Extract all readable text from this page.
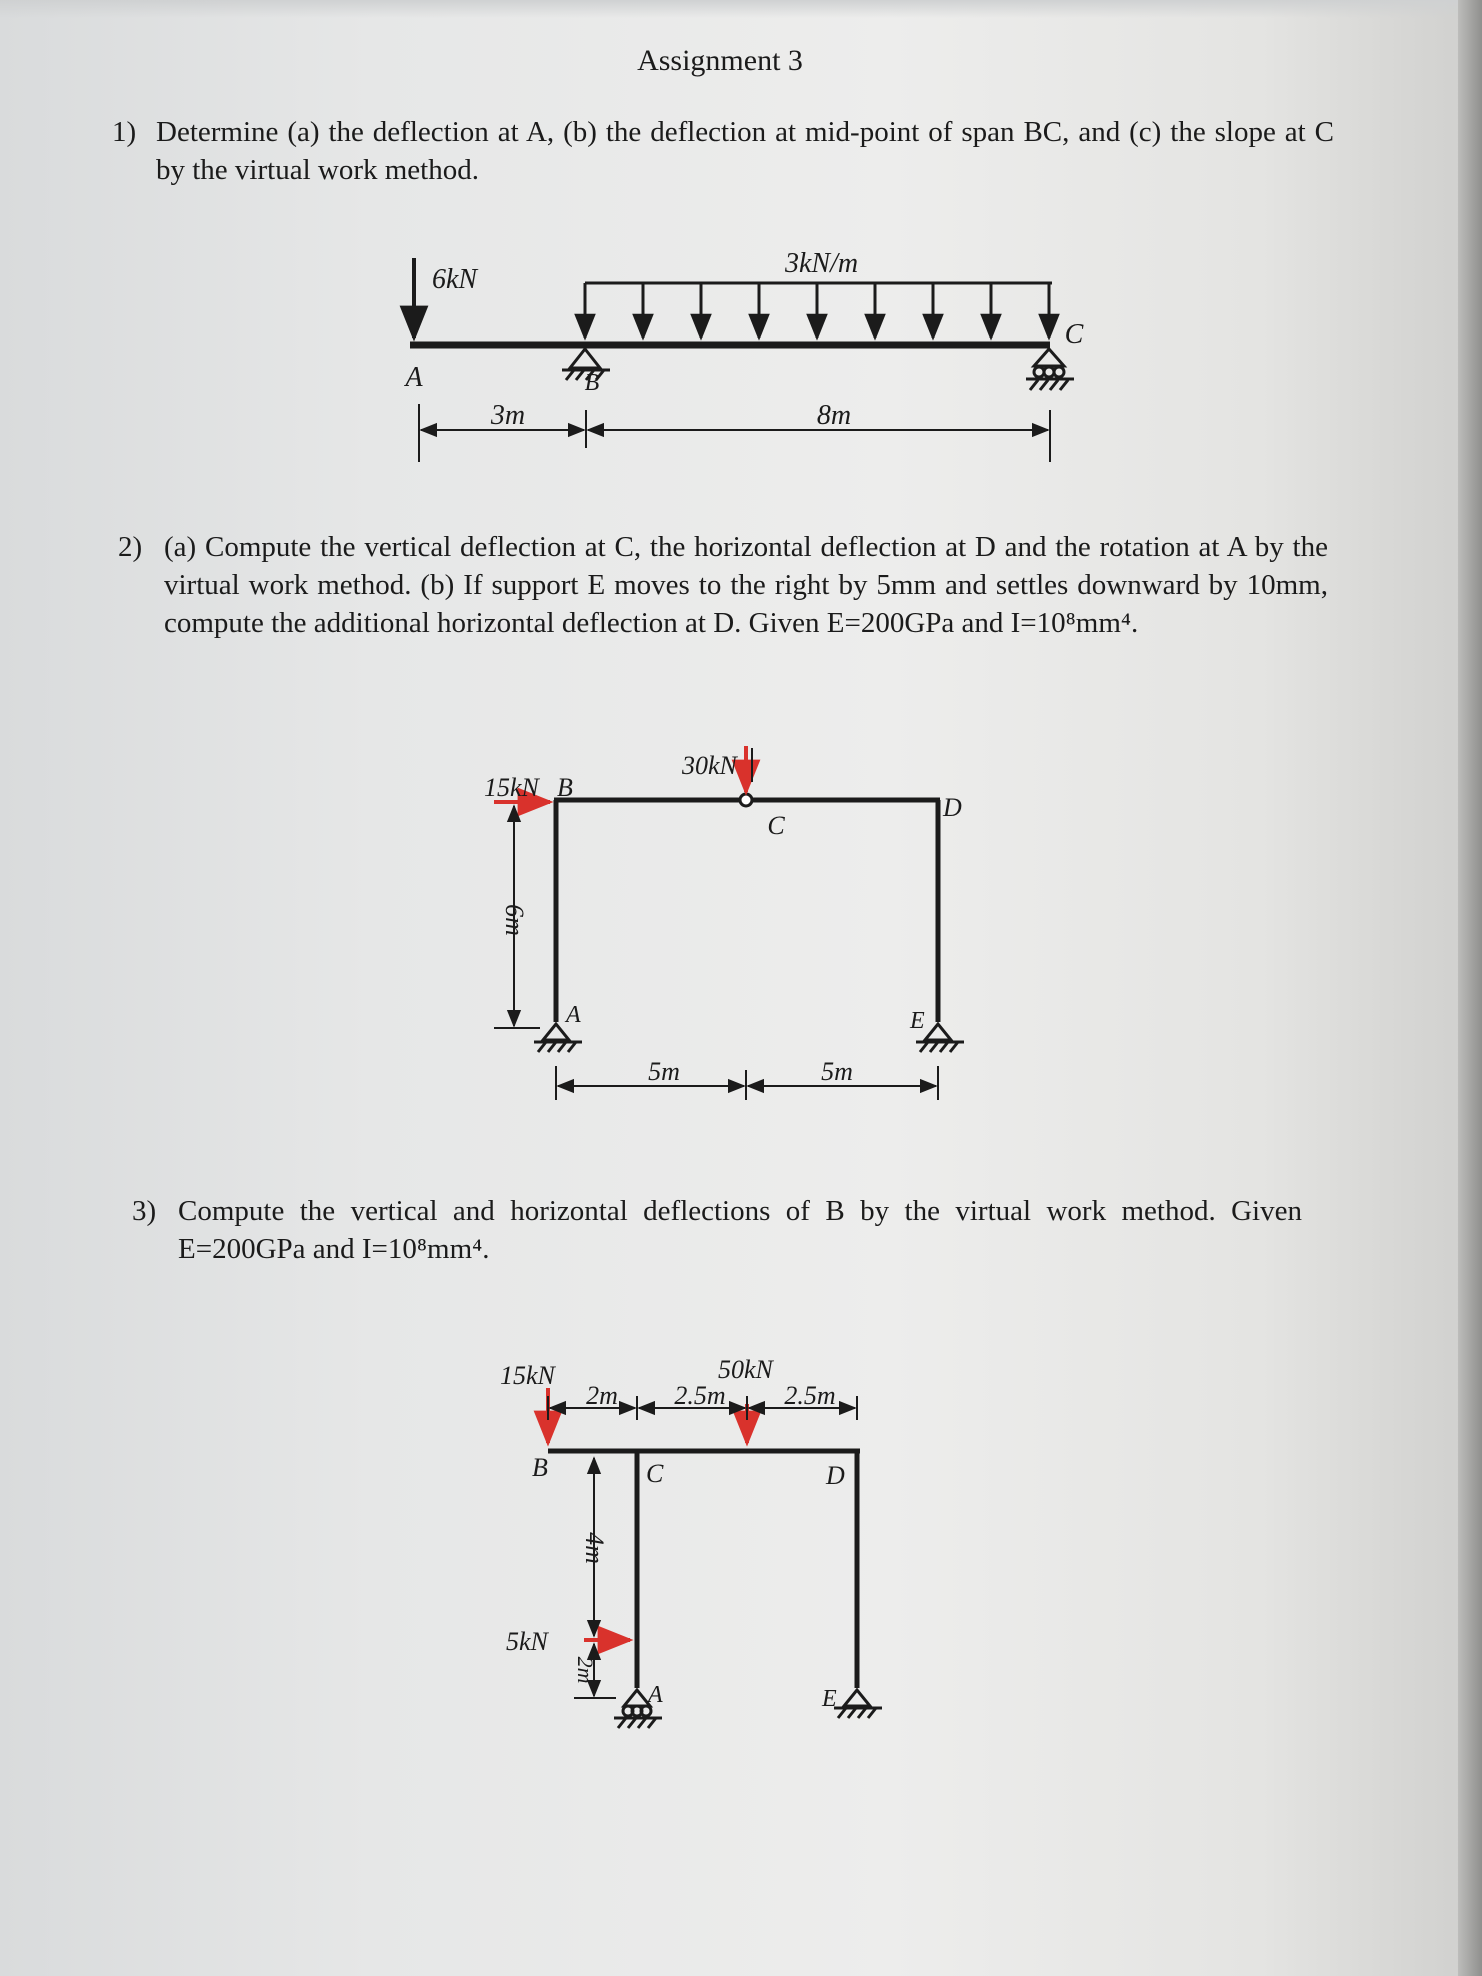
Assignment 3
1) Determine (a) the deflection at A, (b) the deflection at mid-point of span BC, and (c) the slope at C by the virtual work method.
2) (a) Compute the vertical deflection at C, the horizontal deflection at D and the rotation at A by the virtual work method. (b) If support E moves to the right by 5mm and settles downward by 10mm, compute the additional horizontal deflection at D. Given E=200GPa and I=10⁸mm⁴.
3) Compute the vertical and horizontal deflections of B by the virtual work method. Given E=200GPa and I=10⁸mm⁴.
6kN
3kN/m
A	B
C
3m	8m
15kN B
30kN
C
D
A	E
6m
5m	5m
15kN	50kN
5kN
B	C	D
A	E
2m 2.5m 2.5m
4m
2m
